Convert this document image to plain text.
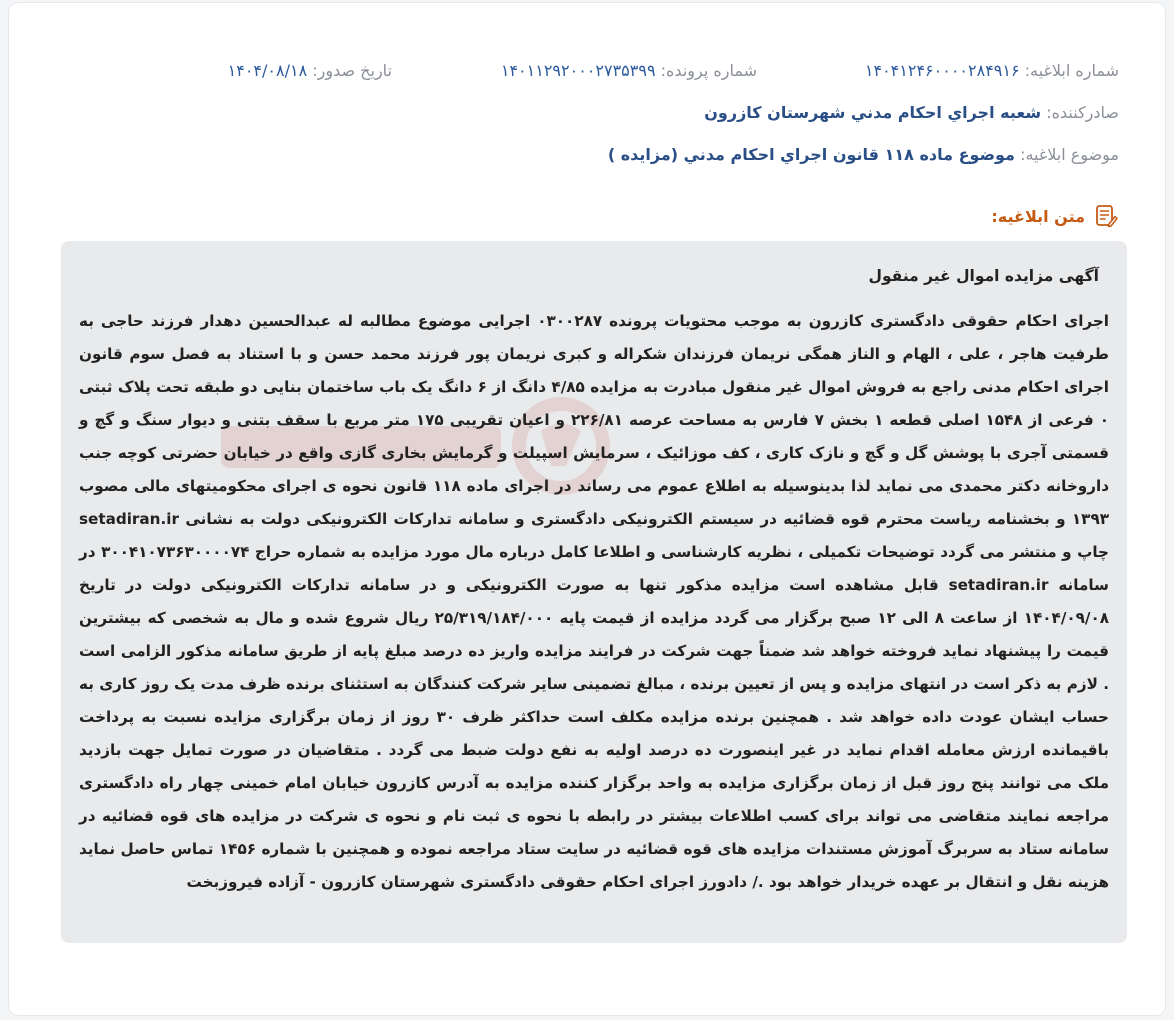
شماره ابلاغیه: ۱۴۰۴۱۲۴۶۰۰۰۰۲۸۴۹۱۶
شماره پرونده: ۱۴۰۱۱۲۹۲۰۰۰۲۷۳۵۳۹۹
تاریخ صدور: ۱۴۰۴/۰۸/۱۸
صادرکننده: شعبه اجراي احکام مدني شهرستان كازرون
موضوع ابلاغیه: موضوع ماده ۱۱۸ قانون اجراي احكام مدني (مزايده )
متن ابلاغیه:
آگهی مزایده اموال غیر منقول

اجرای احکام حقوقی دادگستری کازرون به موجب محتویات پرونده ۰۳۰۰۲۸۷ اجرایی موضوع مطالبه له عبدالحسین دهدار فرزند حاجی به طرفیت هاجر ، علی ، الهام و الناز همگی نریمان فرزندان شکراله و کبری نریمان پور فرزند محمد حسن و با استناد به فصل سوم قانون اجرای احکام مدنی راجع به فروش اموال غیر منقول مبادرت به مزایده ۴/۸۵ دانگ از ۶ دانگ یک باب ساختمان بنایی دو طبقه تحت پلاک ثبتی ۰ فرعی از ۱۵۴۸ اصلی قطعه ۱ بخش ۷ فارس به مساحت عرصه ۲۲۶/۸۱ و اعیان تقریبی ۱۷۵ متر مربع با سقف بتنی و دیوار سنگ و گچ و قسمتی آجری با پوشش گل و گچ و نازک کاری ، کف موزائیک ، سرمایش اسپیلت و گرمایش بخاری گازی واقع در خیابان حضرتی کوچه جنب داروخانه دکتر محمدی می نماید لذا بدینوسیله به اطلاع عموم می رساند در اجرای ماده ۱۱۸ قانون نحوه ی اجرای محکومیتهای مالی مصوب ۱۳۹۳ و بخشنامه ریاست محترم قوه قضائیه در سیستم الکترونیکی دادگستری و سامانه تدارکات الکترونیکی دولت به نشانی setadiran.ir چاپ و منتشر می گردد توضیحات تکمیلی ، نظریه کارشناسی و اطلاعا کامل درباره مال مورد مزایده به شماره حراج ۳۰۰۴۱۰۷۳۶۳۰۰۰۰۷۴ در سامانه setadiran.ir قابل مشاهده است مزایده مذکور تنها به صورت الکترونیکی و در سامانه تدارکات الکترونیکی دولت در تاریخ ۱۴۰۴/۰۹/۰۸ از ساعت ۸ الی ۱۲ صبح برگزار می گردد مزایده از قیمت پایه ۲۵/۳۱۹/۱۸۴/۰۰۰ ریال شروع شده و مال به شخصی که بیشترین قیمت را پیشنهاد نماید فروخته خواهد شد ضمناً جهت شرکت در فرایند مزایده واریز ده درصد مبلغ پایه از طریق سامانه مذکور الزامی است . لازم به ذکر است در انتهای مزایده و پس از تعیین برنده ، مبالغ تضمینی سایر شرکت کنندگان به استثنای برنده ظرف مدت یک روز کاری به حساب ایشان عودت داده خواهد شد . همچنین برنده مزایده مکلف است حداکثر ظرف ۳۰ روز از زمان برگزاری مزایده نسبت به پرداخت باقیمانده ارزش معامله اقدام نماید در غیر اینصورت ده درصد اولیه به نفع دولت ضبط می گردد . متقاضیان در صورت تمایل جهت بازدید ملک می توانند پنج روز قبل از زمان برگزاری مزایده به واحد برگزار کننده مزایده به آدرس کازرون خیابان امام خمینی چهار راه دادگستری مراجعه نمایند متقاضی می تواند برای کسب اطلاعات بیشتر در رابطه با نحوه ی ثبت نام و نحوه ی شرکت در مزایده های قوه قضائیه در سامانه ستاد به سربرگ آموزش مستندات مزایده های قوه قضائیه در سایت ستاد مراجعه نموده و همچنین با شماره ۱۴۵۶ تماس حاصل نماید هزینه نقل و انتقال بر عهده خریدار خواهد بود ./ دادورز اجرای احکام حقوقی دادگستری شهرستان کازرون - آزاده فیروزبخت
